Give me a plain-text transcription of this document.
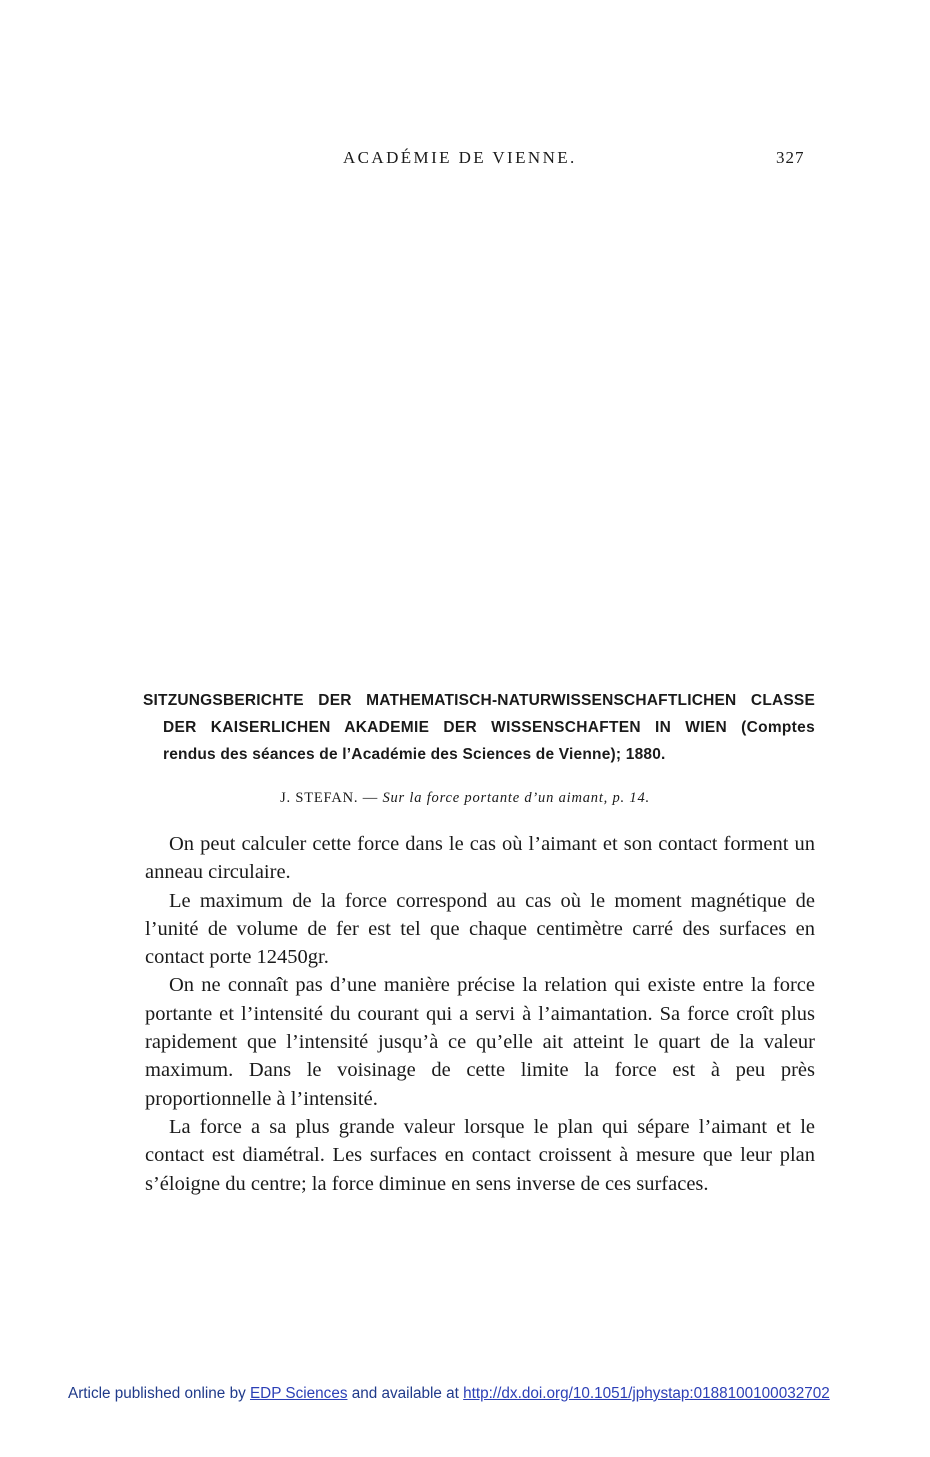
ACADÉMIE DE VIENNE.	327
SITZUNGSBERICHTE DER MATHEMATISCH-NATURWISSENSCHAFTLICHEN CLASSE
DER KAISERLICHEN AKADEMIE DER WISSENSCHAFTEN IN WIEN (Comptes
rendus des séances de l’Académie des Sciences de Vienne); 1880.
J. STEFAN. — Sur la force portante d’un aimant, p. 14.

On peut calculer cette force dans le cas où l’aimant et son contact forment un anneau circulaire.

Le maximum de la force correspond au cas où le moment magnétique de l’unité de volume de fer est tel que chaque centimètre carré des surfaces en contact porte 12450gr.

On ne connaît pas d’une manière précise la relation qui existe entre la force portante et l’intensité du courant qui a servi à l’aimantation. Sa force croît plus rapidement que l’intensité jusqu’à ce qu’elle ait atteint le quart de la valeur maximum. Dans le voisinage de cette limite la force est à peu près proportionnelle à l’intensité.

La force a sa plus grande valeur lorsque le plan qui sépare l’aimant et le contact est diamétral. Les surfaces en contact croissent à mesure que leur plan s’éloigne du centre; la force diminue en sens inverse de ces surfaces.

Article published online by EDP Sciences and available at http://dx.doi.org/10.1051/jphystap:0188100100032702
